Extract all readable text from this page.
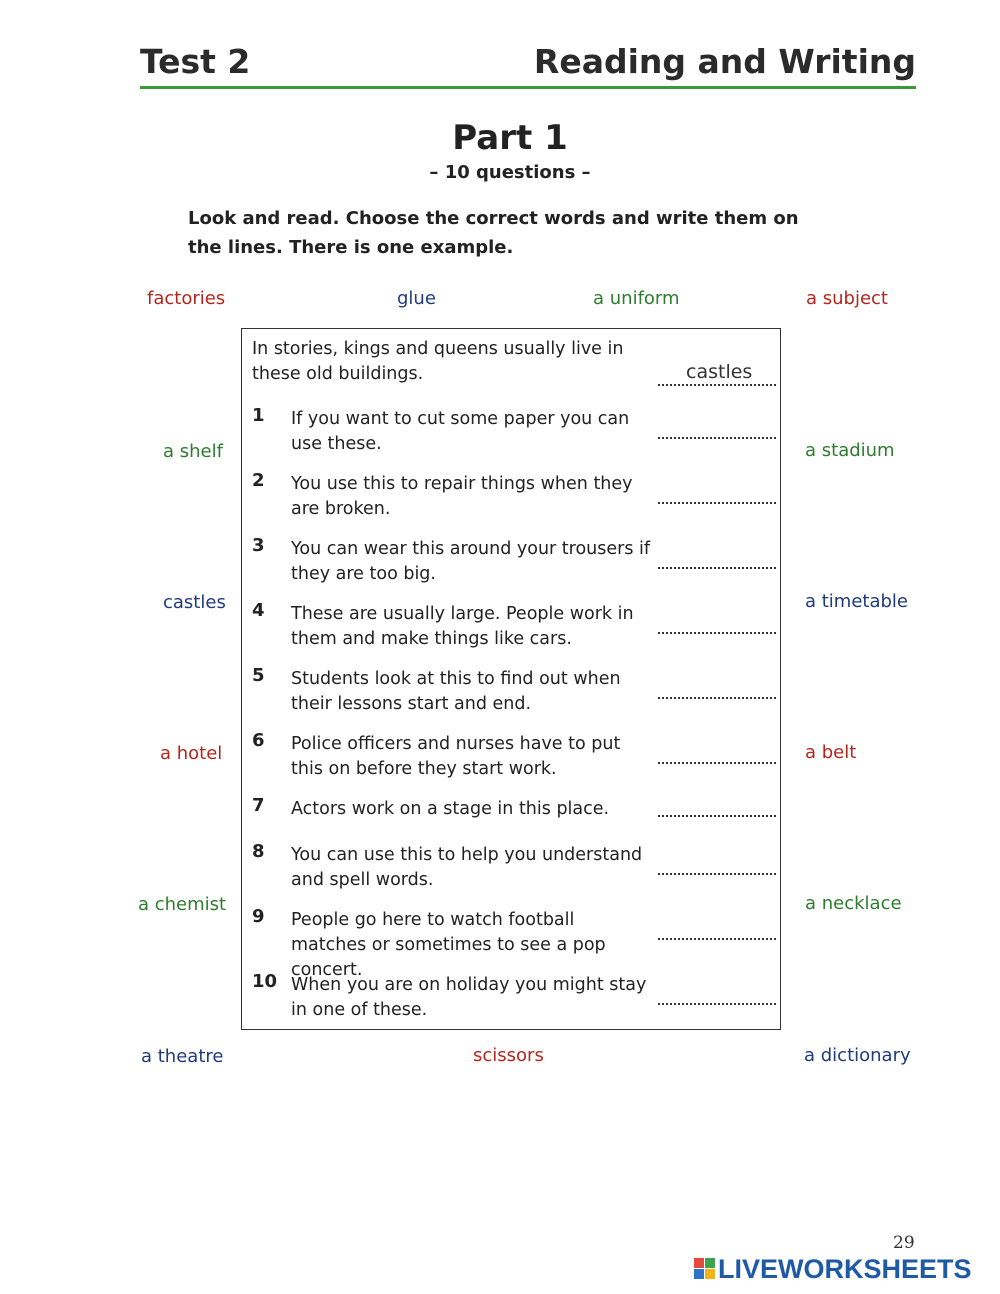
Test 2	Reading and Writing
Part 1
– 10 questions –
Look and read. Choose the correct words and write them on the lines. There is one example.
factories	glue	a uniform	a subject
a shelf	a stadium
castles	a timetable
a hotel	a belt
a chemist	a necklace
a theatre	scissors	a dictionary
In stories, kings and queens usually live in these old buildings.	castles
1	If you want to cut some paper you can use these.
2	You use this to repair things when they are broken.
3	You can wear this around your trousers if they are too big.
4	These are usually large. People work in them and make things like cars.
5	Students look at this to find out when their lessons start and end.
6	Police officers and nurses have to put this on before they start work.
7	Actors work on a stage in this place.
8	You can use this to help you understand and spell words.
9	People go here to watch football matches or sometimes to see a pop concert.
10 When you are on holiday you might stay in one of these.
29
LIVEWORKSHEETS
